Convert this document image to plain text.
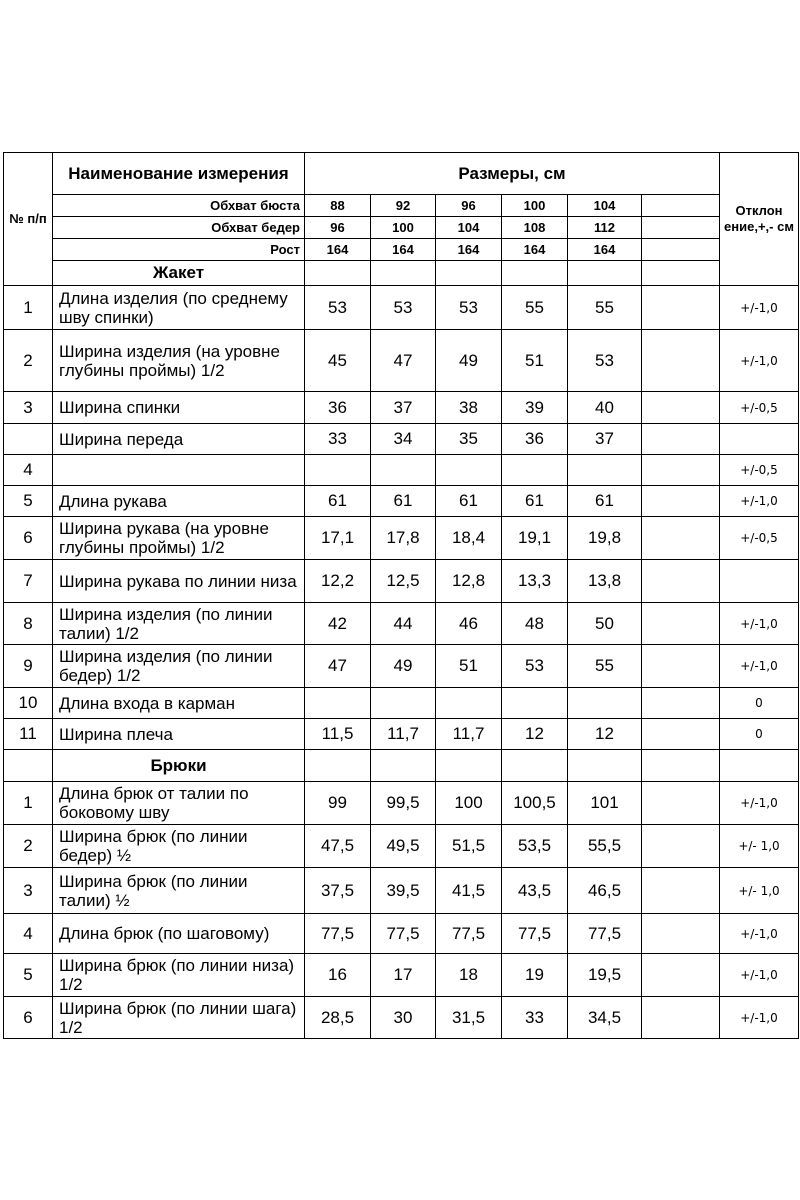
№ п/п	Наименование измерения	Размеры, см						Отклон ение,+,- см
	Обхват бюста	88	92	96	100	104		
	Обхват бедер	96	100	104	108	112		
	Рост	164	164	164	164	164		
	Жакет							
1	Длина изделия (по среднему шву спинки)	53	53	53	55	55		+/-1,0
2	Ширина изделия (на уровне глубины проймы) 1/2	45	47	49	51	53		+/-1,0
3	Ширина спинки	36	37	38	39	40		+/-0,5
	Ширина переда	33	34	35	36	37		
4								+/-0,5
5	Длина рукава	61	61	61	61	61		+/-1,0
6	Ширина рукава (на уровне глубины проймы) 1/2	17,1	17,8	18,4	19,1	19,8		+/-0,5
7	Ширина рукава по линии низа	12,2	12,5	12,8	13,3	13,8		
8	Ширина изделия (по линии талии) 1/2	42	44	46	48	50		+/-1,0
9	Ширина изделия (по линии бедер) 1/2	47	49	51	53	55		+/-1,0
10	Длина входа в карман							0
11	Ширина плеча	11,5	11,7	11,7	12	12		0
	Брюки							
1	Длина брюк от талии по боковому шву	99	99,5	100	100,5	101		+/-1,0
2	Ширина брюк (по линии бедер) ½	47,5	49,5	51,5	53,5	55,5		+/- 1,0
3	Ширина брюк (по линии талии) ½	37,5	39,5	41,5	43,5	46,5		+/- 1,0
4	Длина брюк (по шаговому)	77,5	77,5	77,5	77,5	77,5		+/-1,0
5	Ширина брюк (по линии низа) 1/2	16	17	18	19	19,5		+/-1,0
6	Ширина брюк (по линии шага) 1/2	28,5	30	31,5	33	34,5		+/-1,0
